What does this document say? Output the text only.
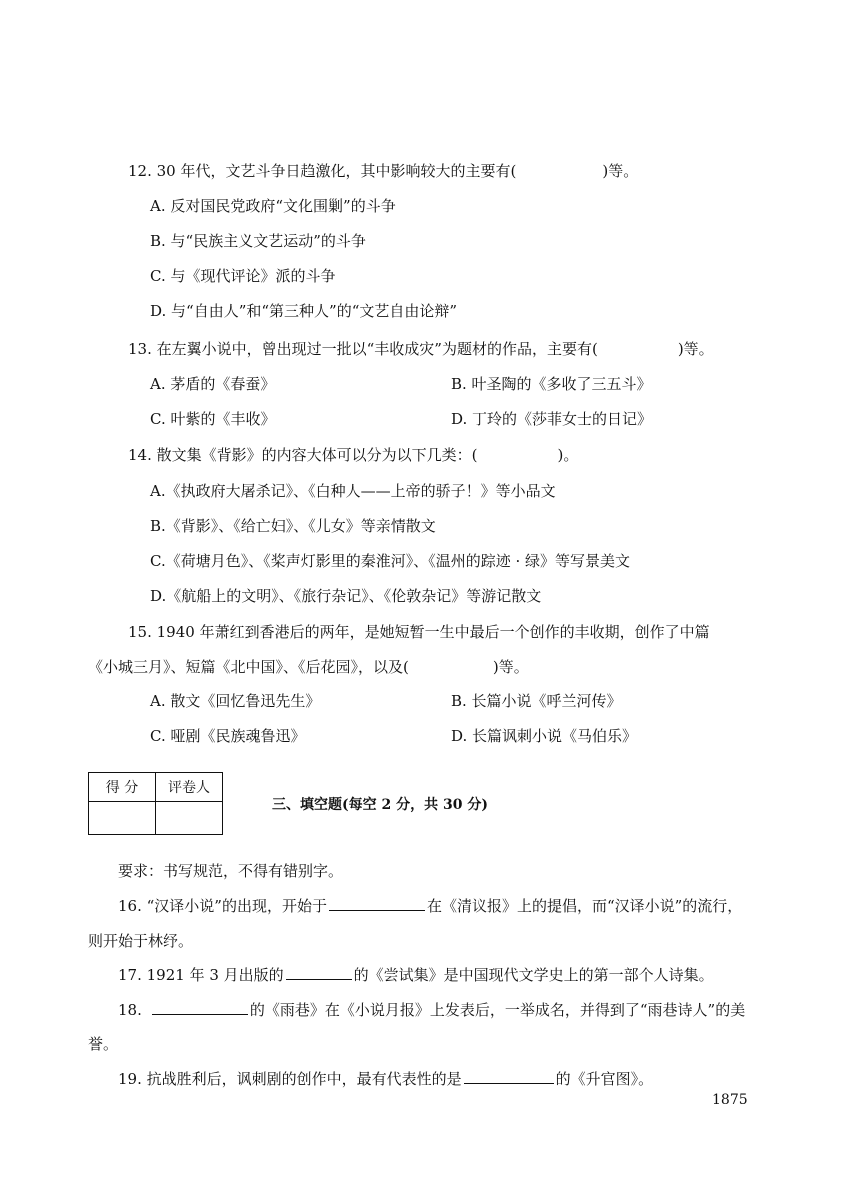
12. 30 年代，文艺斗争日趋激化，其中影响较大的主要有(	)等。
A. 反对国民党政府“文化围剿”的斗争
B. 与“民族主义文艺运动”的斗争
C. 与《现代评论》派的斗争
D. 与“自由人”和“第三种人”的“文艺自由论辩”
13. 在左翼小说中，曾出现过一批以“丰收成灾”为题材的作品，主要有(	)等。
A. 茅盾的《春蚕》	B. 叶圣陶的《多收了三五斗》
C. 叶紫的《丰收》	D. 丁玲的《莎菲女士的日记》
14. 散文集《背影》的内容大体可以分为以下几类：(	)。
A.《执政府大屠杀记》、《白种人——上帝的骄子！》等小品文
B.《背影》、《给亡妇》、《儿女》等亲情散文
C.《荷塘月色》、《桨声灯影里的秦淮河》、《温州的踪迹 · 绿》等写景美文
D.《航船上的文明》、《旅行杂记》、《伦敦杂记》等游记散文
15. 1940 年萧红到香港后的两年，是她短暂一生中最后一个创作的丰收期，创作了中篇
《小城三月》、短篇《北中国》、《后花园》，以及(	)等。
A. 散文《回忆鲁迅先生》	B. 长篇小说《呼兰河传》
C. 哑剧《民族魂鲁迅》	D. 长篇讽刺小说《马伯乐》
得 分	评卷人

三、填空题(每空 2 分，共 30 分)
要求：书写规范，不得有错别字。
16. “汉译小说”的出现，开始于	在《清议报》上的提倡，而“汉译小说”的流行，
则开始于林纾。
17. 1921 年 3 月出版的	的《尝试集》是中国现代文学史上的第一部个人诗集。
18.	的《雨巷》在《小说月报》上发表后，一举成名，并得到了“雨巷诗人”的美
誉。
19. 抗战胜利后，讽刺剧的创作中，最有代表性的是	的《升官图》。
1875
